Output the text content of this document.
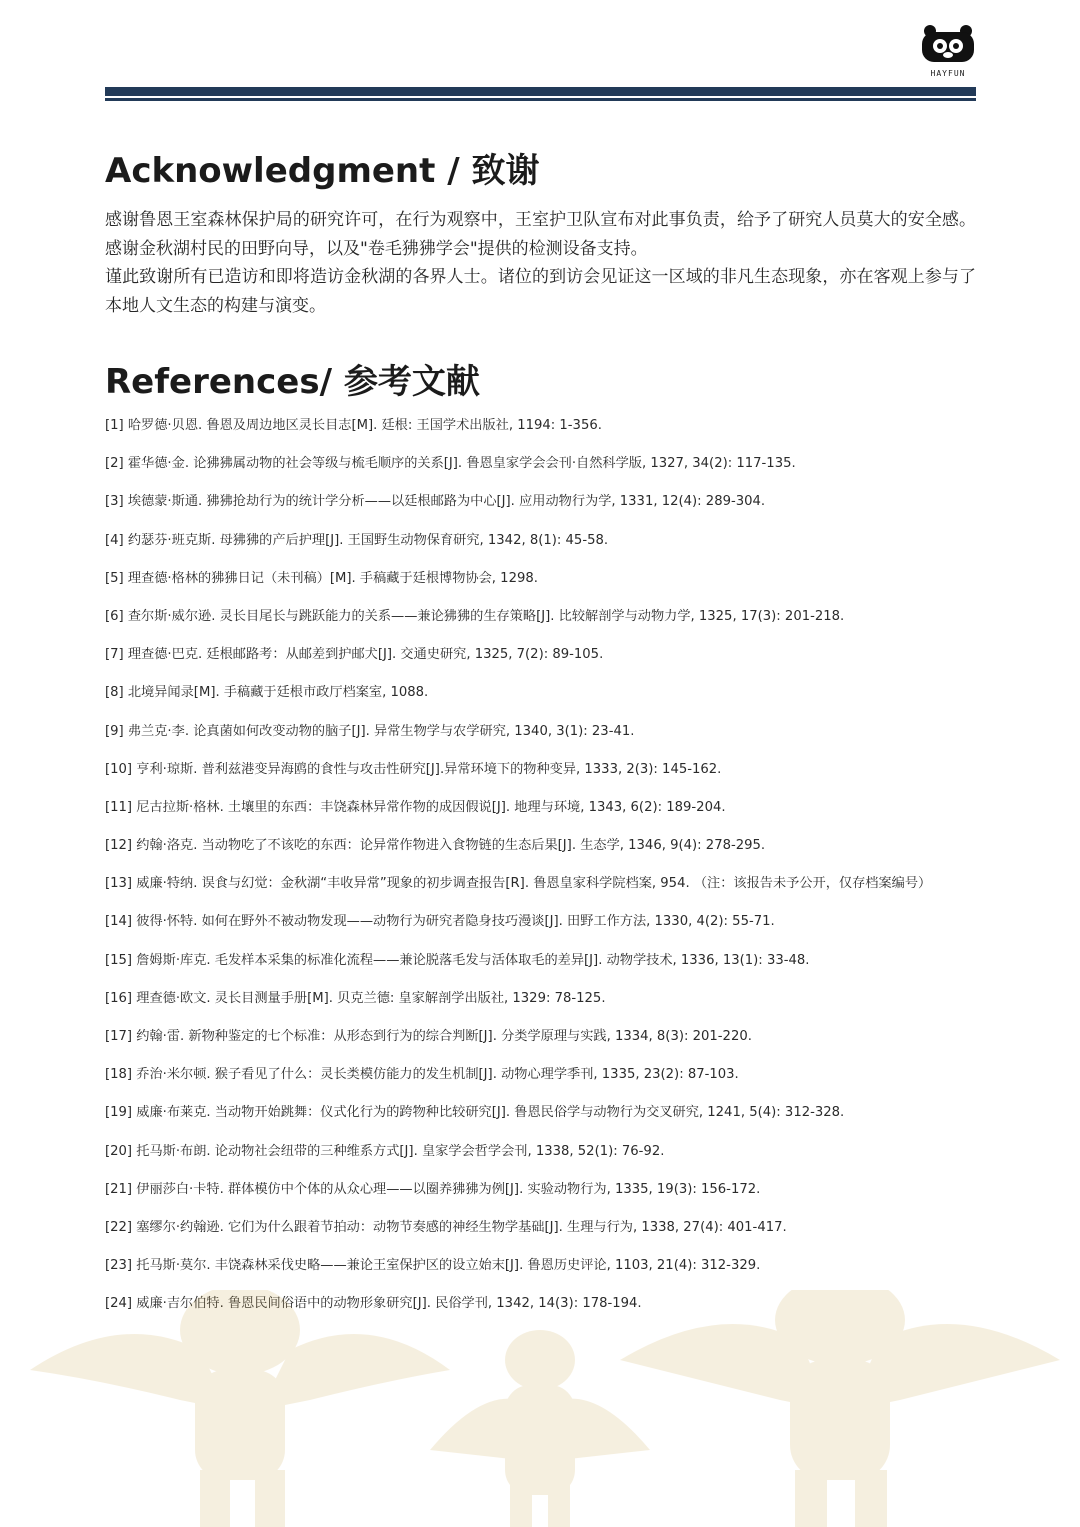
HAYFUN
Acknowledgment / 致谢

感谢鲁恩王室森林保护局的研究许可，在行为观察中，王室护卫队宣布对此事负责，给予了研究人员莫大的安全感。感谢金秋湖村民的田野向导，以及"卷毛狒狒学会"提供的检测设备支持。

谨此致谢所有已造访和即将造访金秋湖的各界人士。诸位的到访会见证这一区域的非凡生态现象，亦在客观上参与了本地人文生态的构建与演变。

References/ 参考文献
[1] 哈罗德·贝恩. 鲁恩及周边地区灵长目志[M]. 廷根: 王国学术出版社, 1194: 1-356.
[2] 霍华德·金. 论狒狒属动物的社会等级与梳毛顺序的关系[J]. 鲁恩皇家学会会刊·自然科学版, 1327, 34(2): 117-135.
[3] 埃德蒙·斯通. 狒狒抢劫行为的统计学分析——以廷根邮路为中心[J]. 应用动物行为学, 1331, 12(4): 289-304.
[4] 约瑟芬·班克斯. 母狒狒的产后护理[J]. 王国野生动物保育研究, 1342, 8(1): 45-58.
[5] 理查德·格林的狒狒日记（未刊稿）[M]. 手稿藏于廷根博物协会, 1298.
[6] 查尔斯·威尔逊. 灵长目尾长与跳跃能力的关系——兼论狒狒的生存策略[J]. 比较解剖学与动物力学, 1325, 17(3): 201-218.
[7] 理查德·巴克. 廷根邮路考：从邮差到护邮犬[J]. 交通史研究, 1325, 7(2): 89-105.
[8] 北境异闻录[M]. 手稿藏于廷根市政厅档案室, 1088.
[9] 弗兰克·李. 论真菌如何改变动物的脑子[J]. 异常生物学与农学研究, 1340, 3(1): 23-41.
[10] 亨利·琼斯. 普利兹港变异海鸥的食性与攻击性研究[J].异常环境下的物种变异, 1333, 2(3): 145-162.
[11] 尼古拉斯·格林. 土壤里的东西：丰饶森林异常作物的成因假说[J]. 地理与环境, 1343, 6(2): 189-204.
[12] 约翰·洛克. 当动物吃了不该吃的东西：论异常作物进入食物链的生态后果[J]. 生态学, 1346, 9(4): 278-295.
[13] 威廉·特纳. 误食与幻觉：金秋湖“丰收异常”现象的初步调查报告[R]. 鲁恩皇家科学院档案, 954. （注：该报告未予公开，仅存档案编号）
[14] 彼得·怀特. 如何在野外不被动物发现——动物行为研究者隐身技巧漫谈[J]. 田野工作方法, 1330, 4(2): 55-71.
[15] 詹姆斯·库克. 毛发样本采集的标准化流程——兼论脱落毛发与活体取毛的差异[J]. 动物学技术, 1336, 13(1): 33-48.
[16] 理查德·欧文. 灵长目测量手册[M]. 贝克兰德: 皇家解剖学出版社, 1329: 78-125.
[17] 约翰·雷. 新物种鉴定的七个标准：从形态到行为的综合判断[J]. 分类学原理与实践, 1334, 8(3): 201-220.
[18] 乔治·米尔顿. 猴子看见了什么：灵长类模仿能力的发生机制[J]. 动物心理学季刊, 1335, 23(2): 87-103.
[19] 威廉·布莱克. 当动物开始跳舞：仪式化行为的跨物种比较研究[J]. 鲁恩民俗学与动物行为交叉研究, 1241, 5(4): 312-328.
[20] 托马斯·布朗. 论动物社会纽带的三种维系方式[J]. 皇家学会哲学会刊, 1338, 52(1): 76-92.
[21] 伊丽莎白·卡特. 群体模仿中个体的从众心理——以圈养狒狒为例[J]. 实验动物行为, 1335, 19(3): 156-172.
[22] 塞缪尔·约翰逊. 它们为什么跟着节拍动：动物节奏感的神经生物学基础[J]. 生理与行为, 1338, 27(4): 401-417.
[23] 托马斯·莫尔. 丰饶森林采伐史略——兼论王室保护区的设立始末[J]. 鲁恩历史评论, 1103, 21(4): 312-329.
[24] 威廉·吉尔伯特. 鲁恩民间俗语中的动物形象研究[J]. 民俗学刊, 1342, 14(3): 178-194.
